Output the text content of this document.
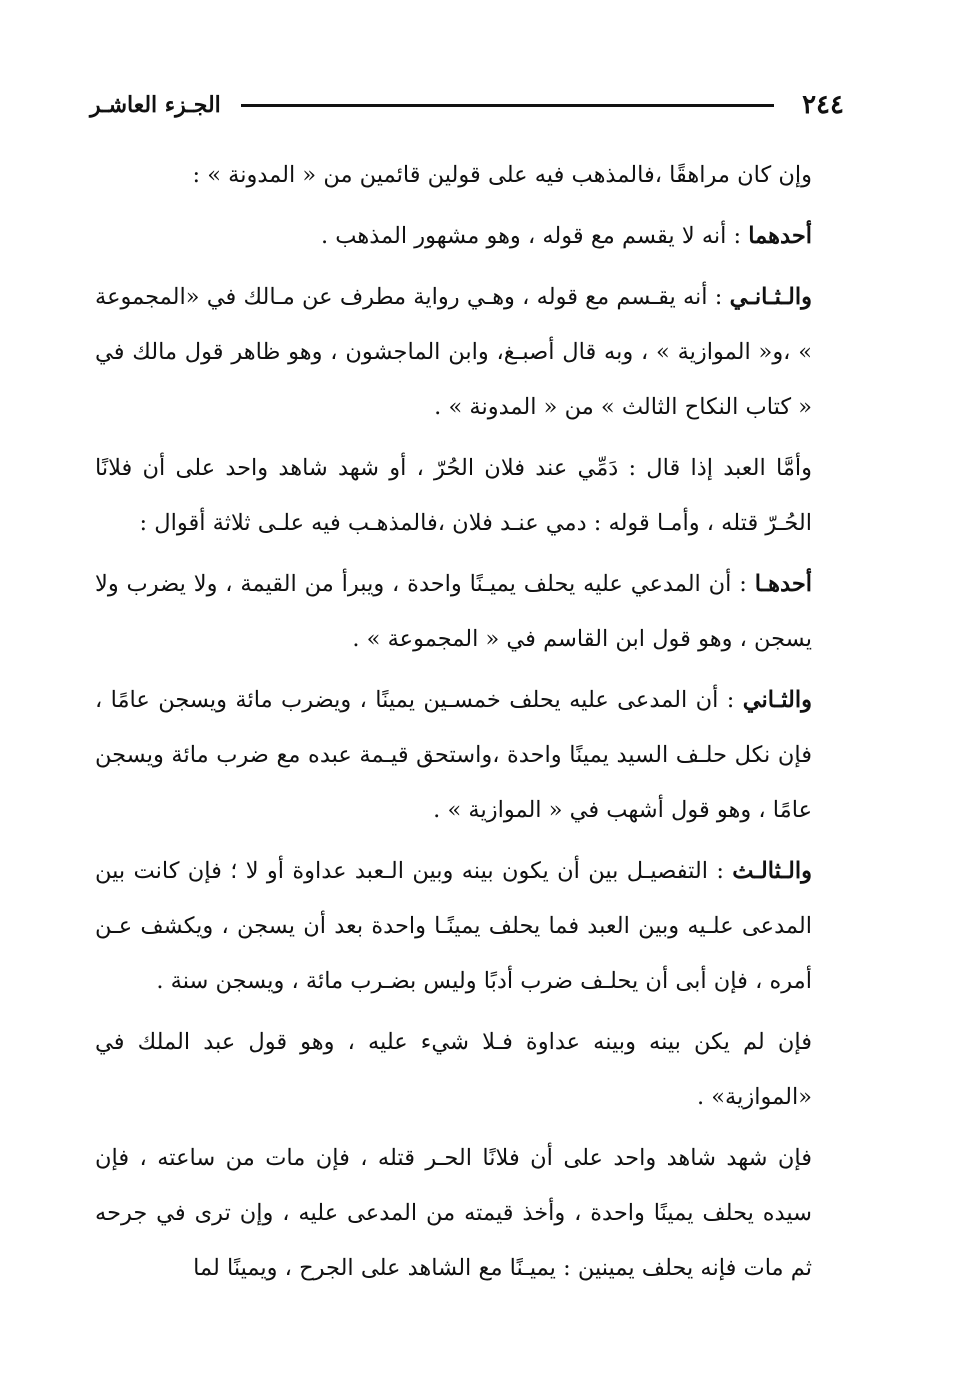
٢٤٤
الجـزء العاشـر

وإن كان مراهقًا ،فالمذهب فيه على قولين قائمين من « المدونة » :

أحدهما : أنه لا يقسم مع قوله ، وهو مشهور المذهب .

والـثـانـي : أنه يقـسم مع قوله ، وهـي رواية مطرف عن مـالك في «المجموعة » ،و« الموازية » ، وبه قال أصبـغ، وابن الماجشون ، وهو ظاهر قول مالك في « كتاب النكاح الثالث » من « المدونة » .

وأمَّا العبد إذا قال : دَمِّي عند فلان الحُرّ ، أو شهد شاهد واحد على أن فلانًا الحُـرّ قتله ، وأمـا قوله : دمي عنـد فلان ،فالمذهـب فيه علـى ثلاثة أقوال :

أحدهـا : أن المدعي عليه يحلف يميـنًا واحدة ، ويبرأ من القيمة ، ولا يضرب ولا يسجن ، وهو قول ابن القاسم في « المجموعة » .

والثـاني : أن المدعى عليه يحلف خمسـين يمينًا ، ويضرب مائة ويسجن عامًا ، فإن نكل حلـف السيد يمينًا واحدة ،واستحق قيـمة عبده مع ضرب مائة ويسجن عامًا ، وهو قول أشهب في « الموازية » .

والـثالـث : التفصيـل بين أن يكون بينه وبين الـعبد عداوة أو لا ؛ فإن كانت بين المدعى علـيه وبين العبد فما يحلف يمينًـا واحدة بعد أن يسجن ، ويكشف عـن أمره ، فإن أبى أن يحلـف ضرب أدبًا وليس بضـرب مائة ، ويسجن سنة .

فإن لم يكن بينه وبينه عداوة فـلا شيء عليه ، وهو قول عبد الملك في «الموازية» .

فإن شهد شاهد واحد على أن فلانًا الحـر قتله ، فإن مات من ساعته ، فإن سيده يحلف يمينًا واحدة ، وأخذ قيمته من المدعى عليه ، وإن ترى في جرحه ثم مات فإنه يحلف يمينين : يميـنًا مع الشاهد على الجرح ، ويمينًا لما
